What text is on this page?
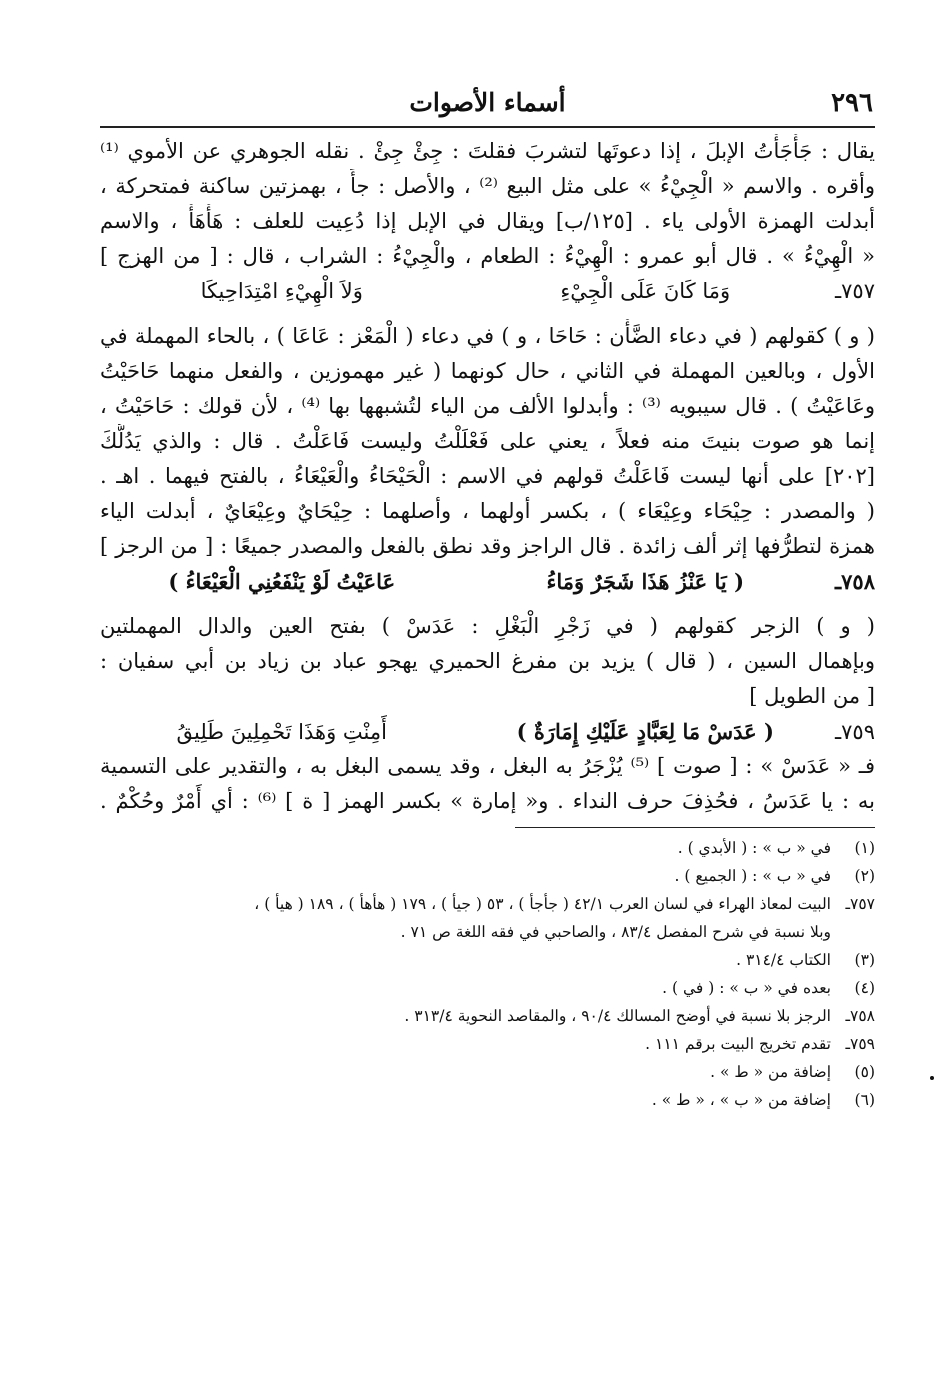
٢٩٦
أسماء الأصوات
يقال : جَأْجَأْتُ الإبلَ ، إذا دعوتَها لتشربَ فقلتَ : جِئْ جِئْ . نقله الجوهري عن الأموي ⁽¹⁾
وأقره . والاسم « الْجِيْءُ » على مثل البيع ⁽²⁾ ، والأصل : جأً ، بهمزتين ساكنة فمتحركة ،
أبدلت الهمزة الأولى ياء . [١٢٥/ب] ويقال في الإبل إذا دُعِيت للعلف : هَأْهَأْ ، والاسم
« الْهِيْءُ » . قال أبو عمرو : الْهِيْءُ : الطعام ، والْجِيْءُ : الشراب ، قال : [ من الهزج ]
٧٥٧ـ
وَمَا كَانَ عَلَى الْجِيْءِ
وَلاَ الْهِيْءِ امْتِدَاحِيكَا
( و ) كقولهم ( في دعاء الضَّأْن : حَاحَا ، و ) في دعاء ( الْمَعْز : عَاعَا ) ، بالحاء المهملة في
الأول ، وبالعين المهملة في الثاني ، حال كونهما ( غير مهموزين ، والفعل منهما حَاحَيْتُ
وعَاعَيْتُ ) . قال سيبويه ⁽³⁾ : وأبدلوا الألف من الياء لتُشبهها بها ⁽⁴⁾ ، لأن قولك : حَاحَيْتُ ،
إنما هو صوت بنيتَ منه فعلاً ، يعني على فَعْلَلْتُ وليست فَاعَلْتُ . قال : والذي يَدُلُّكَ
[٢٠٢] على أنها ليست فَاعَلْتُ قولهم في الاسم : الْحَيْحَاءُ والْعَيْعَاءُ ، بالفتح فيهما . اهـ .
( والمصدر : حِيْحَاء وعِيْعَاء ) ، بكسر أولهما ، وأصلهما : حِيْحَايٌ وعِيْعَايٌ ، أبدلت الياء
همزة لتطرُّفها إثر ألف زائدة . قال الراجز وقد نطق بالفعل والمصدر جميعًا : [ من الرجز ]
٧٥٨ـ
( يَا عَنْزُ هَذَا شَجَرٌ وَمَاءُ
عَاعَيْتُ لَوْ يَنْفَعُنِي الْعَيْعَاءُ )
( و ) الزجر كقولهم ( في زَجْرِ الْبَغْلِ : عَدَسْ ) بفتح العين والدال المهملتين
وبإهمال السين ، ( قال ) يزيد بن مفرغ الحميري يهجو عباد بن زياد بن أبي سفيان :
[ من الطويل ]
٧٥٩ـ
( عَدَسْ مَا لِعَبَّادٍ عَلَيْكِ إِمَارَةٌ )
أَمِنْتِ وَهَذَا تَحْمِلِينَ طَلِيقُ
فـ « عَدَسْ » : [ صوت ] ⁽⁵⁾ يُزْجَرُ به البغل ، وقد يسمى البغل به ، والتقدير على التسمية
به : يا عَدَسُ ، فحُذِفَ حرف النداء . و« إمارة » بكسر الهمز [ ة ] ⁽⁶⁾ : أي أَمْرٌ وحُكْمٌ .
(١)في « ب » : ( الأبدي ) .
(٢)في « ب » : ( الجميع ) .
٧٥٧ـالبيت لمعاذ الهراء في لسان العرب ٤٢/١ ( جأجأ ) ، ٥٣ ( جيأ ) ، ١٧٩ ( هأهأ ) ، ١٨٩ ( هيأ ) ،
وبلا نسبة في شرح المفصل ٨٣/٤ ، والصاحبي في فقه اللغة ص ٧١ .
(٣)الكتاب ٣١٤/٤ .
(٤)بعده في « ب » : ( في ) .
٧٥٨ـالرجز بلا نسبة في أوضح المسالك ٩٠/٤ ، والمقاصد النحوية ٣١٣/٤ .
٧٥٩ـتقدم تخريج البيت برقم ١١١ .
(٥)إضافة من « ط » .
(٦)إضافة من « ب » ، « ط » .
